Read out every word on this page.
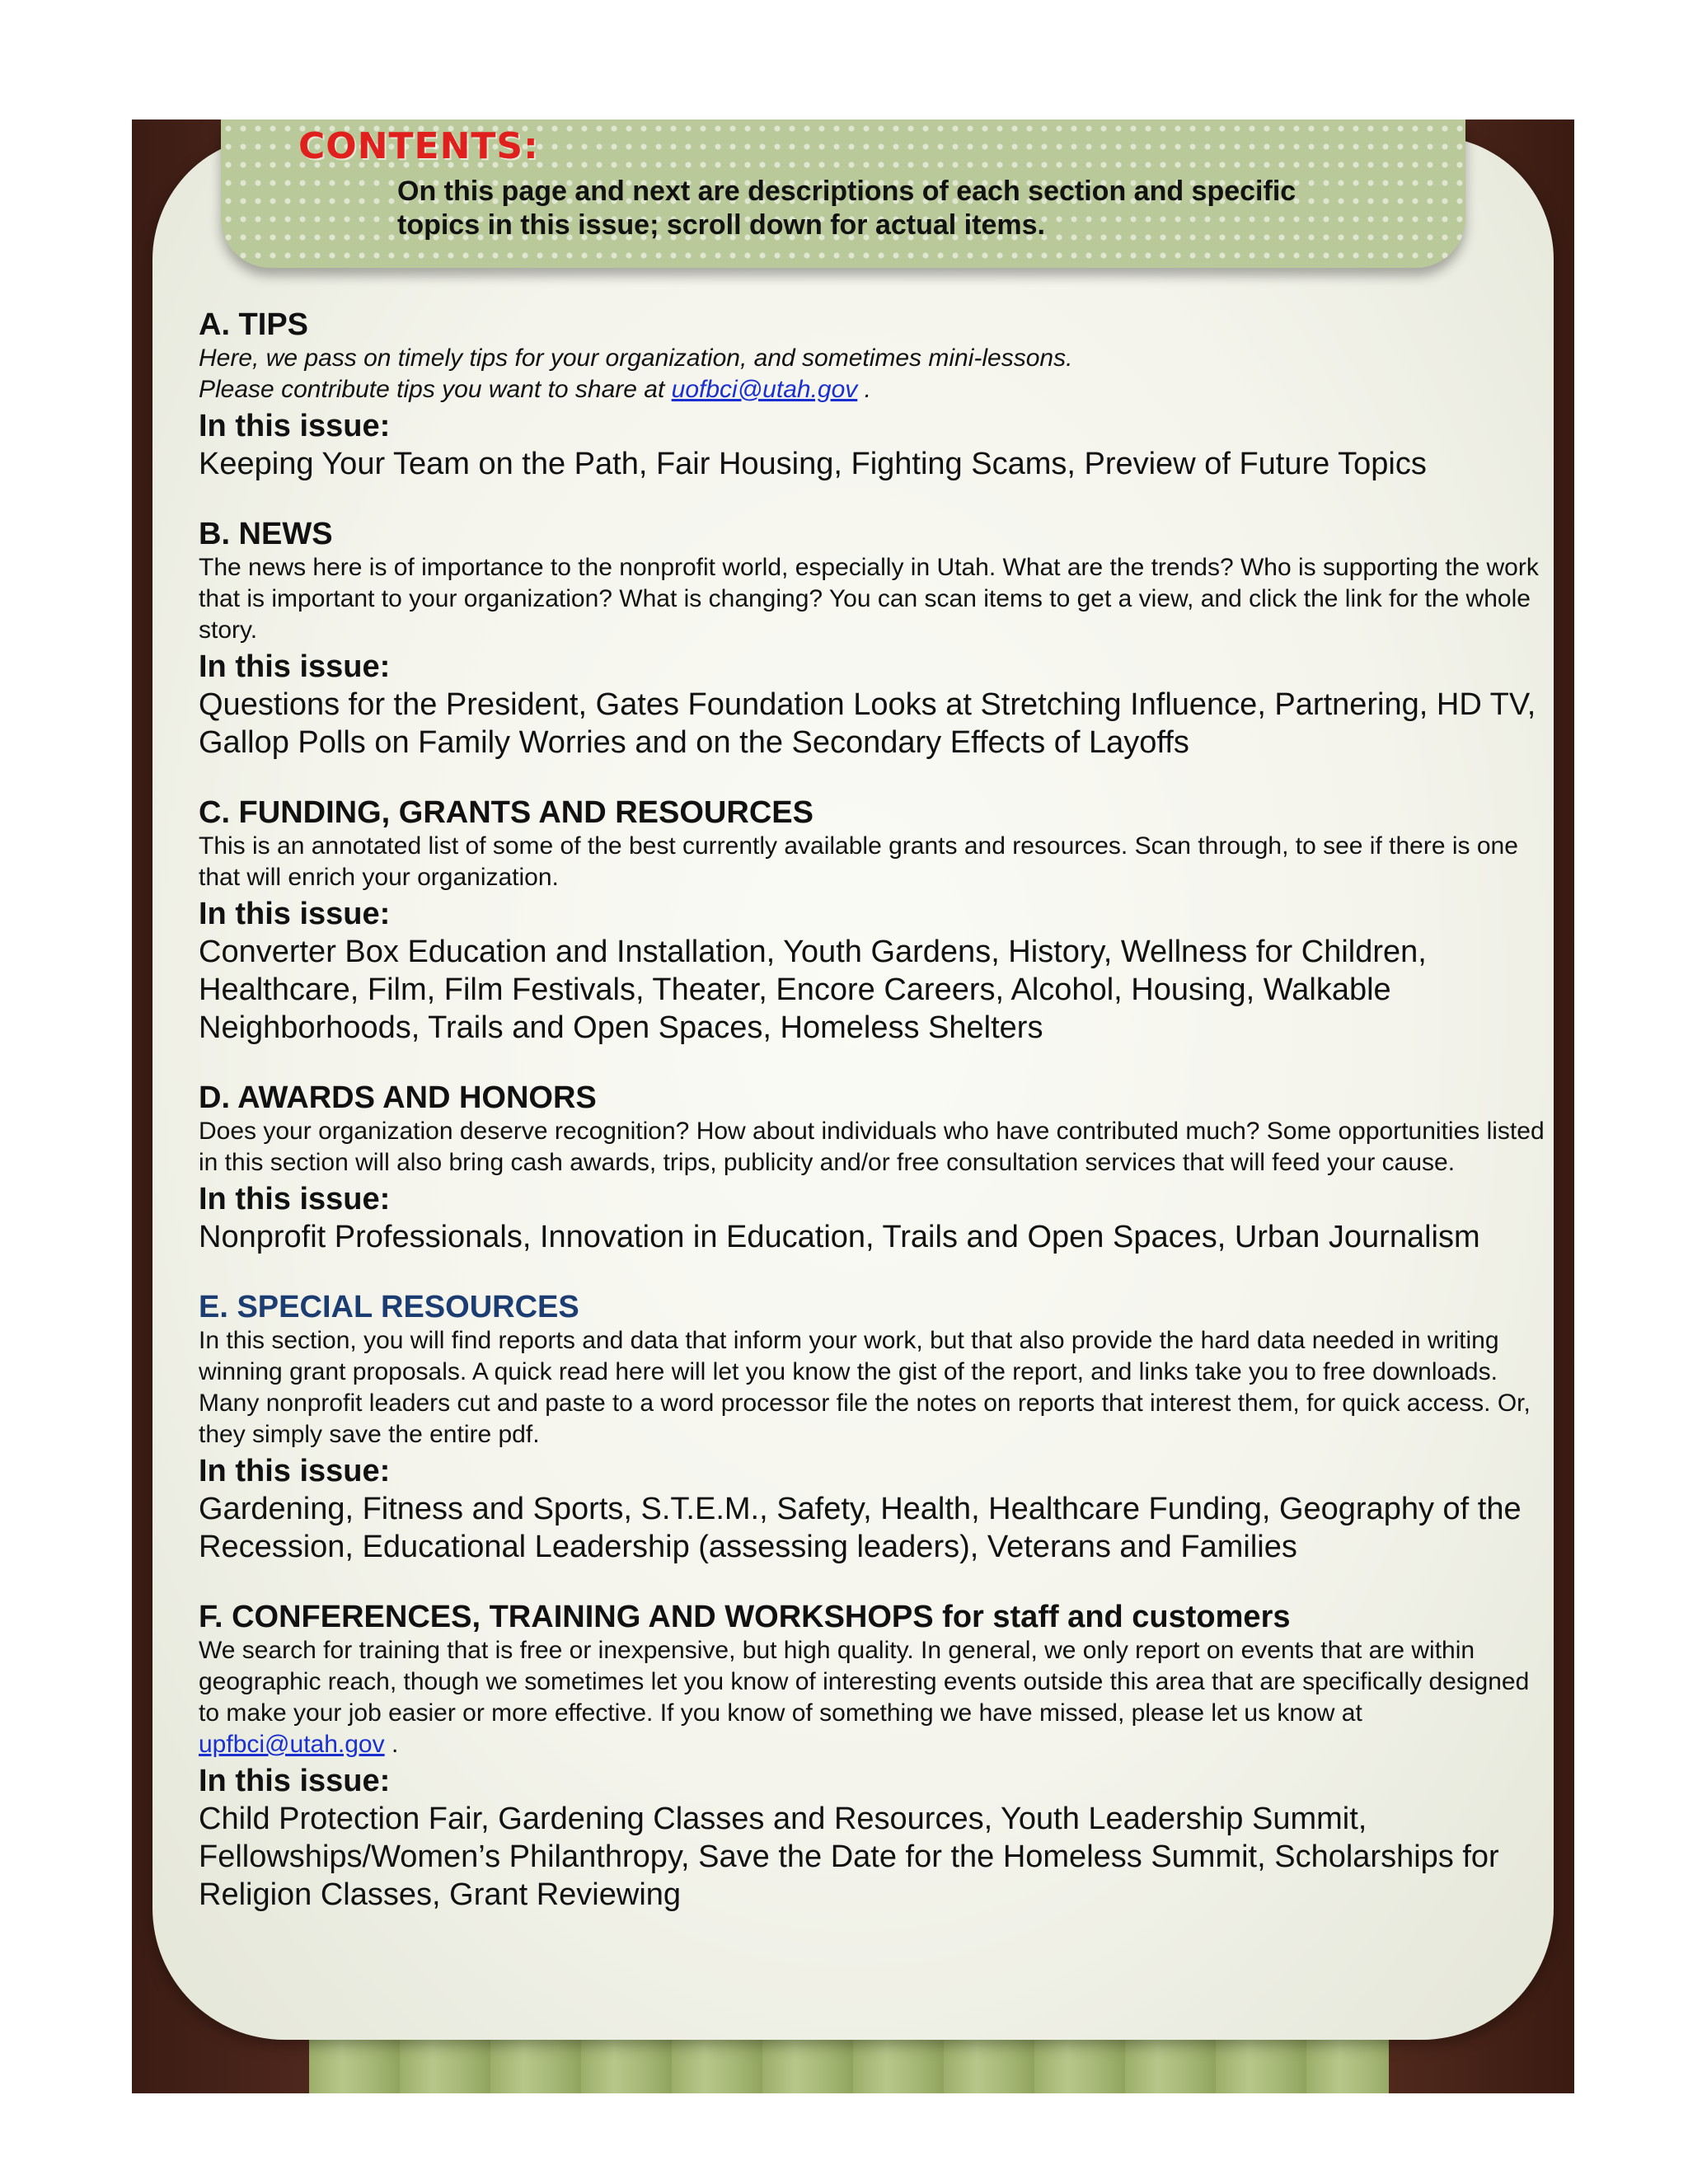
CONTENTS:

On this page and next are descriptions of each section and specific topics in this issue; scroll down for actual items.

A. TIPS

Here, we pass on timely tips for your organization, and sometimes mini-lessons.
Please contribute tips you want to share at uofbci@utah.gov .

In this issue:

Keeping Your Team on the Path, Fair Housing, Fighting Scams, Preview of Future Topics

B. NEWS

The news here is of importance to the nonprofit world, especially in Utah. What are the trends? Who is supporting the work that is important to your organization? What is changing? You can scan items to get a view, and click the link for the whole story.

In this issue:

Questions for the President, Gates Foundation Looks at Stretching Influence, Partnering, HD TV, Gallop Polls on Family Worries and on the Secondary Effects of Layoffs

C. FUNDING, GRANTS AND RESOURCES

This is an annotated list of some of the best currently available grants and resources. Scan through, to see if there is one that will enrich your organization.

In this issue:

Converter Box Education and Installation, Youth Gardens, History, Wellness for Children, Healthcare, Film, Film Festivals, Theater, Encore Careers, Alcohol, Housing, Walkable Neighborhoods, Trails and Open Spaces, Homeless Shelters

D. AWARDS AND HONORS

Does your organization deserve recognition? How about individuals who have contributed much? Some opportunities listed in this section will also bring cash awards, trips, publicity and/or free consultation services that will feed your cause.

In this issue:

Nonprofit Professionals, Innovation in Education, Trails and Open Spaces, Urban Journalism

E. SPECIAL RESOURCES

In this section, you will find reports and data that inform your work, but that also provide the hard data needed in writing winning grant proposals. A quick read here will let you know the gist of the report, and links take you to free downloads. Many nonprofit leaders cut and paste to a word processor file the notes on reports that interest them, for quick access. Or, they simply save the entire pdf.

In this issue:

Gardening, Fitness and Sports, S.T.E.M., Safety, Health, Healthcare Funding, Geography of the Recession, Educational Leadership (assessing leaders), Veterans and Families

F. CONFERENCES, TRAINING AND WORKSHOPS for staff and customers

We search for training that is free or inexpensive, but high quality. In general, we only report on events that are within geographic reach, though we sometimes let you know of interesting events outside this area that are specifically designed to make your job easier or more effective. If you know of something we have missed, please let us know at upfbci@utah.gov .

In this issue:

Child Protection Fair, Gardening Classes and Resources, Youth Leadership Summit, Fellowships/Women’s Philanthropy, Save the Date for the Homeless Summit, Scholarships for Religion Classes, Grant Reviewing
